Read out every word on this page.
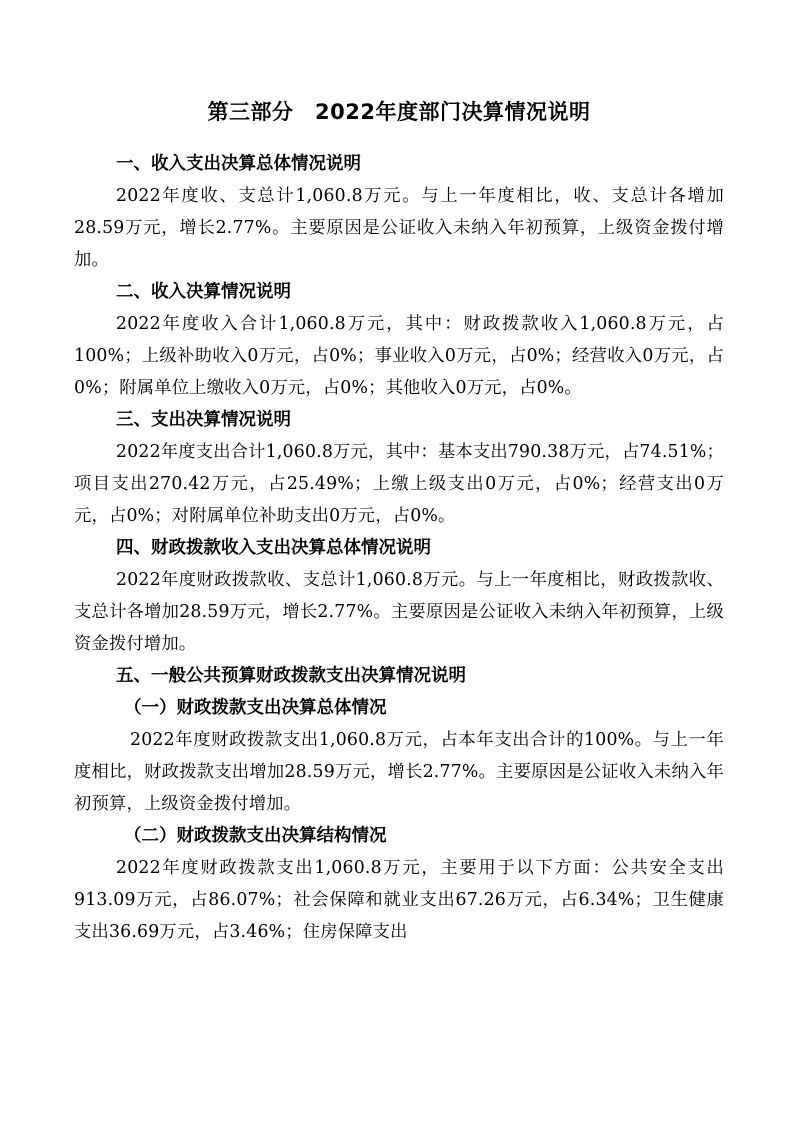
第三部分　2022年度部门决算情况说明
一、收入支出决算总体情况说明

2022年度收、支总计1,060.8万元。与上一年度相比，收、支总计各增加28.59万元，增长2.77%。主要原因是公证收入未纳入年初预算，上级资金拨付增加。

二、收入决算情况说明

2022年度收入合计1,060.8万元，其中：财政拨款收入1,060.8万元，占100%；上级补助收入0万元，占0%；事业收入0万元，占0%；经营收入0万元，占0%；附属单位上缴收入0万元，占0%；其他收入0万元，占0%。

三、支出决算情况说明

2022年度支出合计1,060.8万元，其中：基本支出790.38万元，占74.51%；项目支出270.42万元，占25.49%；上缴上级支出0万元，占0%；经营支出0万元，占0%；对附属单位补助支出0万元，占0%。

四、财政拨款收入支出决算总体情况说明

2022年度财政拨款收、支总计1,060.8万元。与上一年度相比，财政拨款收、支总计各增加28.59万元，增长2.77%。主要原因是公证收入未纳入年初预算，上级资金拨付增加。

五、一般公共预算财政拨款支出决算情况说明
（一）财政拨款支出决算总体情况

2022年度财政拨款支出1,060.8万元，占本年支出合计的100%。与上一年度相比，财政拨款支出增加28.59万元，增长2.77%。主要原因是公证收入未纳入年初预算，上级资金拨付增加。

（二）财政拨款支出决算结构情况

2022年度财政拨款支出1,060.8万元，主要用于以下方面：公共安全支出913.09万元，占86.07%；社会保障和就业支出67.26万元，占6.34%；卫生健康支出36.69万元，占3.46%；住房保障支出
